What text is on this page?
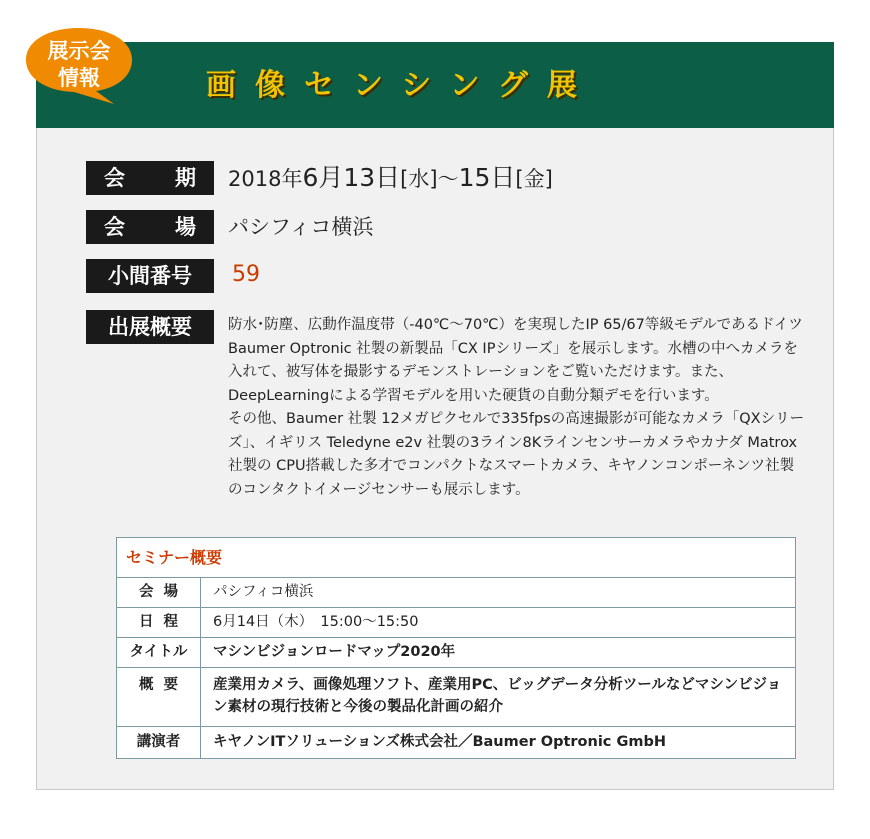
展示会
情報	画像センシング展
会 期 2018年6月13日[水]～15日[金]
会 場 パシフィコ横浜
小間番号	59
出展概要	防水･防塵、広動作温度帯（-40℃～70℃）を実現したIP 65/67等級モデルであるドイツ Baumer Optronic 社製の新製品「CX IPシリーズ」を展示します。水槽の中へカメラを入れて、被写体を撮影するデモンストレーションをご覧いただけます。また、DeepLearningによる学習モデルを用いた硬貨の自動分類デモを行います。
その他、Baumer 社製 12メガピクセルで335fpsの高速撮影が可能なカメラ「QXシリーズ」、イギリス Teledyne e2v 社製の3ライン8Kラインセンサーカメラやカナダ Matrox 社製の CPU搭載した多才でコンパクトなスマートカメラ、キヤノンコンポーネンツ社製のコンタクトイメージセンサーも展示します。
セミナー概要
会 場	パシフィコ横浜
日 程	6月14日（木）　15:00～15:50
タイトル	マシンビジョンロードマップ2020年
概 要	産業用カメラ、画像処理ソフト、産業用PC、ビッグデータ分析ツールなどマシンビジョン素材の現行技術と今後の製品化計画の紹介
講演者	キヤノンITソリューションズ株式会社／Baumer Optronic GmbH
